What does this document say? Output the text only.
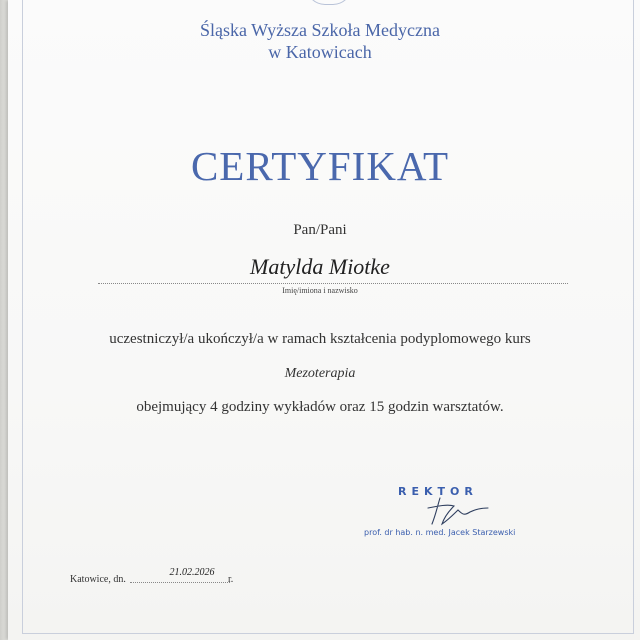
Śląska Wyższa Szkoła Medyczna
w Katowicach
CERTYFIKAT
Pan/Pani
Matylda Miotke
Imię/imiona i nazwisko
uczestniczył/a ukończył/a w ramach kształcenia podyplomowego kurs
Mezoterapia
obejmujący 4 godziny wykładów oraz 15 godzin warsztatów.
REKTOR
prof. dr hab. n. med. Jacek Starzewski
Katowice, dn.
21.02.2026
r.
